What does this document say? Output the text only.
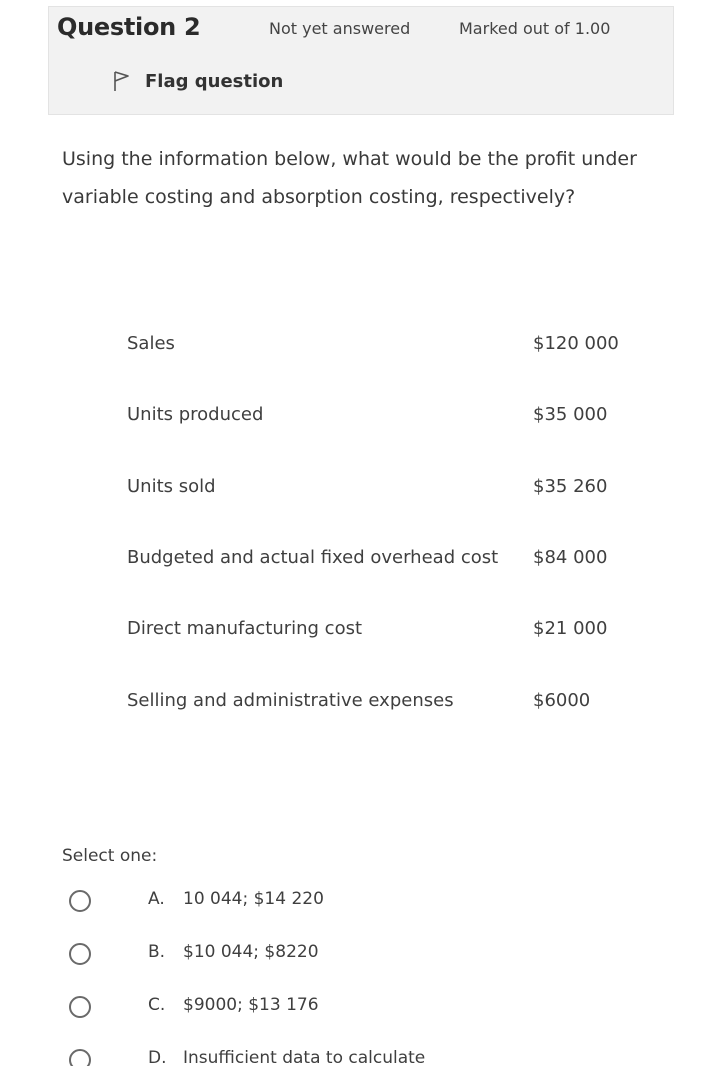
Question 2	Not yet answered	Marked out of 1.00
Flag question
Using the information below, what would be the profit under variable costing and absorption costing, respectively?
Sales	$120 000
Units produced	$35 000
Units sold	$35 260
Budgeted and actual fixed overhead cost $84 000
Direct manufacturing cost	$21 000
Selling and administrative expenses	$6000
Select one:
A. 10 044; $14 220
B. $10 044; $8220
C. $9000; $13 176
D. Insufficient data to calculate
